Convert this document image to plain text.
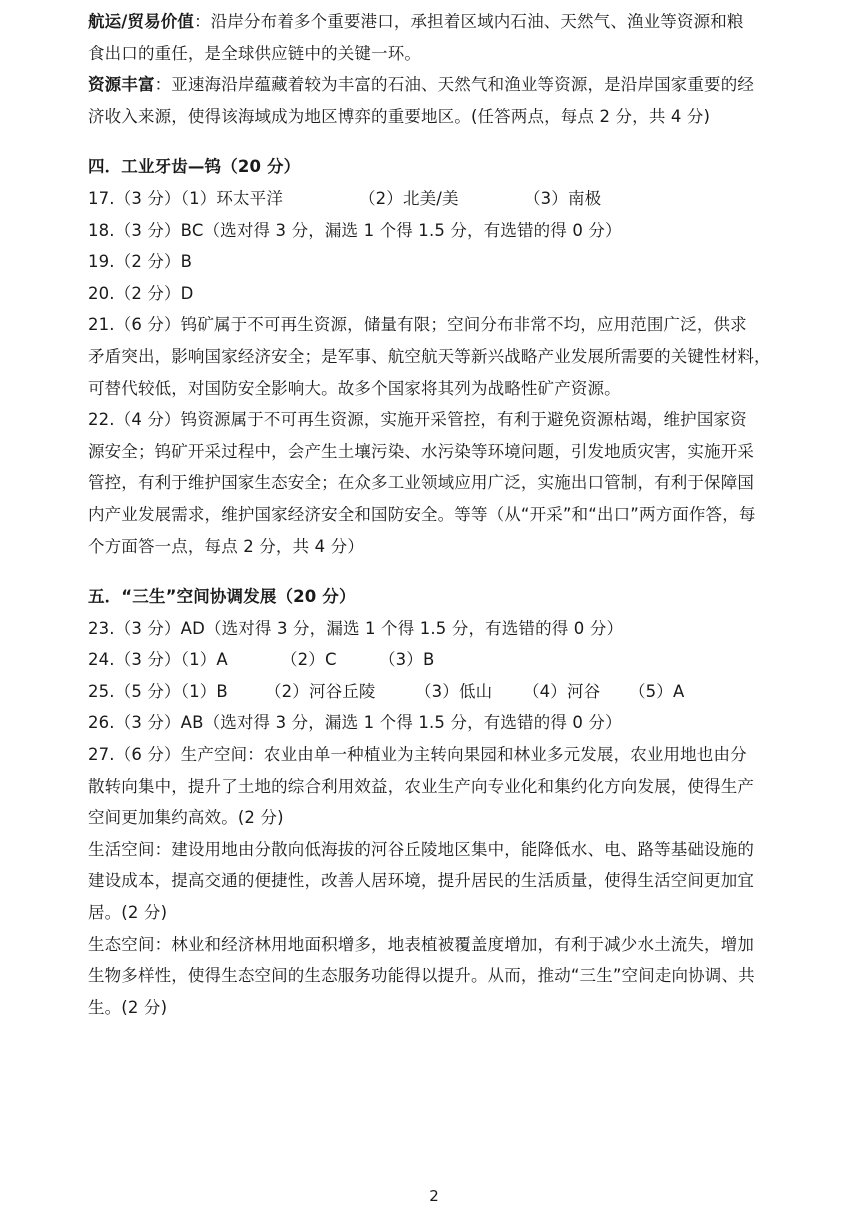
航运/贸易价值：沿岸分布着多个重要港口，承担着区域内石油、天然气、渔业等资源和粮
食出口的重任，是全球供应链中的关键一环。
资源丰富：亚速海沿岸蕴藏着较为丰富的石油、天然气和渔业等资源，是沿岸国家重要的经
济收入来源，使得该海域成为地区博弈的重要地区。(任答两点，每点 2 分，共 4 分)
四．工业牙齿—钨（20 分）
17.（3 分）（1）环太平洋	（2）北美/美	（3）南极
18.（3 分）BC（选对得 3 分，漏选 1 个得 1.5 分，有选错的得 0 分）
19.（2 分）B
20.（2 分）D
21.（6 分）钨矿属于不可再生资源，储量有限；空间分布非常不均，应用范围广泛，供求
矛盾突出，影响国家经济安全；是军事、航空航天等新兴战略产业发展所需要的关键性材料，
可替代较低，对国防安全影响大。故多个国家将其列为战略性矿产资源。
22.（4 分）钨资源属于不可再生资源，实施开采管控，有利于避免资源枯竭，维护国家资
源安全；钨矿开采过程中，会产生土壤污染、水污染等环境问题，引发地质灾害，实施开采
管控，有利于维护国家生态安全；在众多工业领域应用广泛，实施出口管制，有利于保障国
内产业发展需求，维护国家经济安全和国防安全。等等（从“开采”和“出口”两方面作答，每
个方面答一点，每点 2 分，共 4 分）
五．“三生”空间协调发展（20 分）
23.（3 分）AD（选对得 3 分，漏选 1 个得 1.5 分，有选错的得 0 分）
24.（3 分）（1）A	（2）C	（3）B
25.（5 分）（1）B （2）河谷丘陵 （3）低山 （4）河谷 （5）A
26.（3 分）AB（选对得 3 分，漏选 1 个得 1.5 分，有选错的得 0 分）
27.（6 分）生产空间：农业由单一种植业为主转向果园和林业多元发展，农业用地也由分
散转向集中，提升了土地的综合利用效益，农业生产向专业化和集约化方向发展，使得生产
空间更加集约高效。(2 分)
生活空间：建设用地由分散向低海拔的河谷丘陵地区集中，能降低水、电、路等基础设施的
建设成本，提高交通的便捷性，改善人居环境，提升居民的生活质量，使得生活空间更加宜
居。(2 分)
生态空间：林业和经济林用地面积增多，地表植被覆盖度增加，有利于减少水土流失，增加
生物多样性，使得生态空间的生态服务功能得以提升。从而，推动“三生”空间走向协调、共
生。(2 分)
2
